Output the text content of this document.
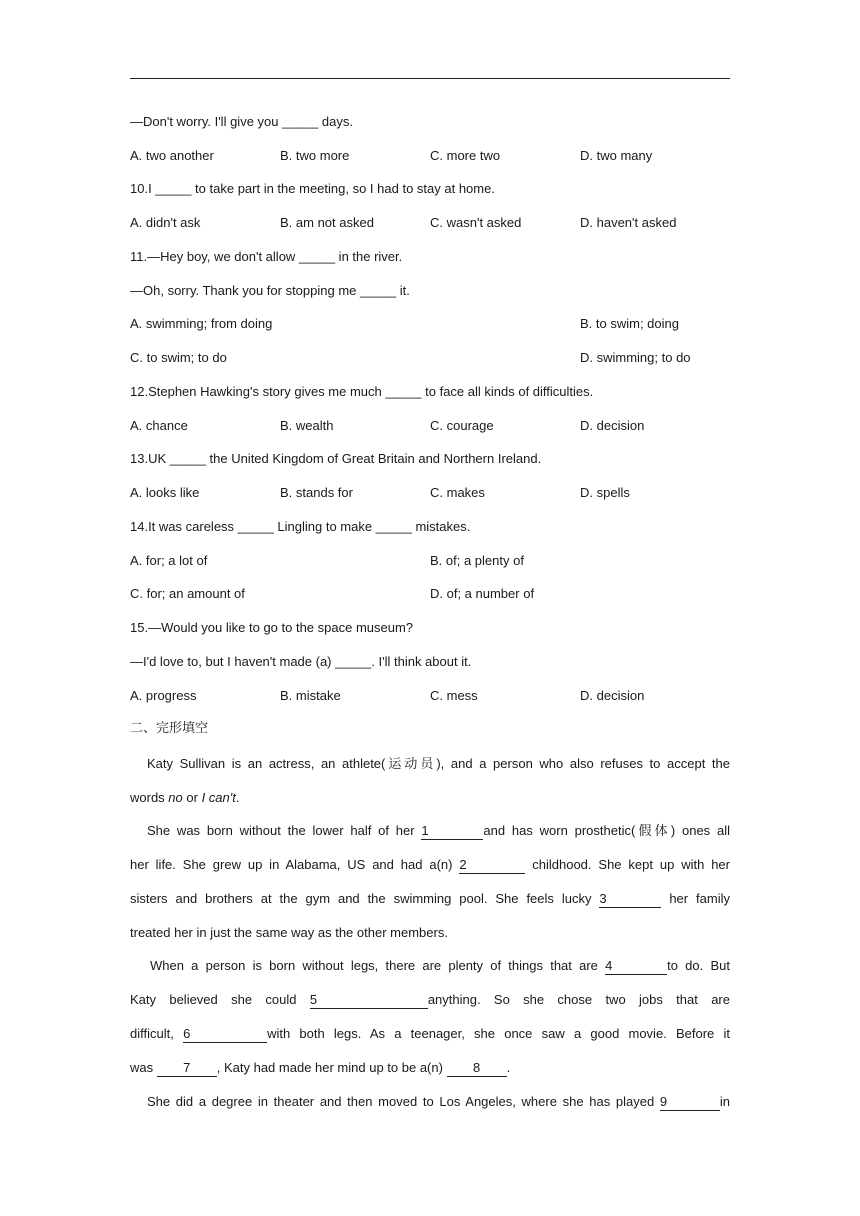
—Don't worry. I'll give you _____ days.
A. two another	B. two more	C. more two	D. two many
10.I _____ to take part in the meeting, so I had to stay at home.
A. didn't ask	B. am not asked	C. wasn't asked	D. haven't asked
11.—Hey boy, we don't allow _____ in the river.
—Oh, sorry. Thank you for stopping me _____ it.
A. swimming; from doing	B. to swim; doing
C. to swim; to do	D. swimming; to do
12.Stephen Hawking's story gives me much _____ to face all kinds of difficulties.
A. chance	B. wealth	C. courage	D. decision
13.UK _____ the United Kingdom of Great Britain and Northern Ireland.
A. looks like	B. stands for	C. makes	D. spells
14.It was careless _____ Lingling to make _____ mistakes.
A. for; a lot of	B. of; a plenty of
C. for; an amount of	D. of; a number of
15.—Would you like to go to the space museum?
—I'd love to, but I haven't made (a) _____. I'll think about it.
A. progress	B. mistake	C. mess	D. decision
二、完形填空
Katy Sullivan is an actress, an athlete(运动员), and a person who also refuses to accept the
words no or I can't.
She was born without the lower half of her 1	and has worn prosthetic(假体) ones all
her life. She grew up in Alabama, US and had a(n) 2	childhood. She kept up with her
sisters and brothers at the gym and the swimming pool. She feels lucky 3	her family
treated her in just the same way as the other members.
When a person is born without legs, there are plenty of things that are 4	to do. But
Katy believed she could 5	anything. So she chose two jobs that are
difficult, 6	with both legs. As a teenager, she once saw a good movie. Before it
was 7 , Katy had made her mind up to be a(n) 8 .
She did a degree in theater and then moved to Los Angeles, where she has played 9	in
